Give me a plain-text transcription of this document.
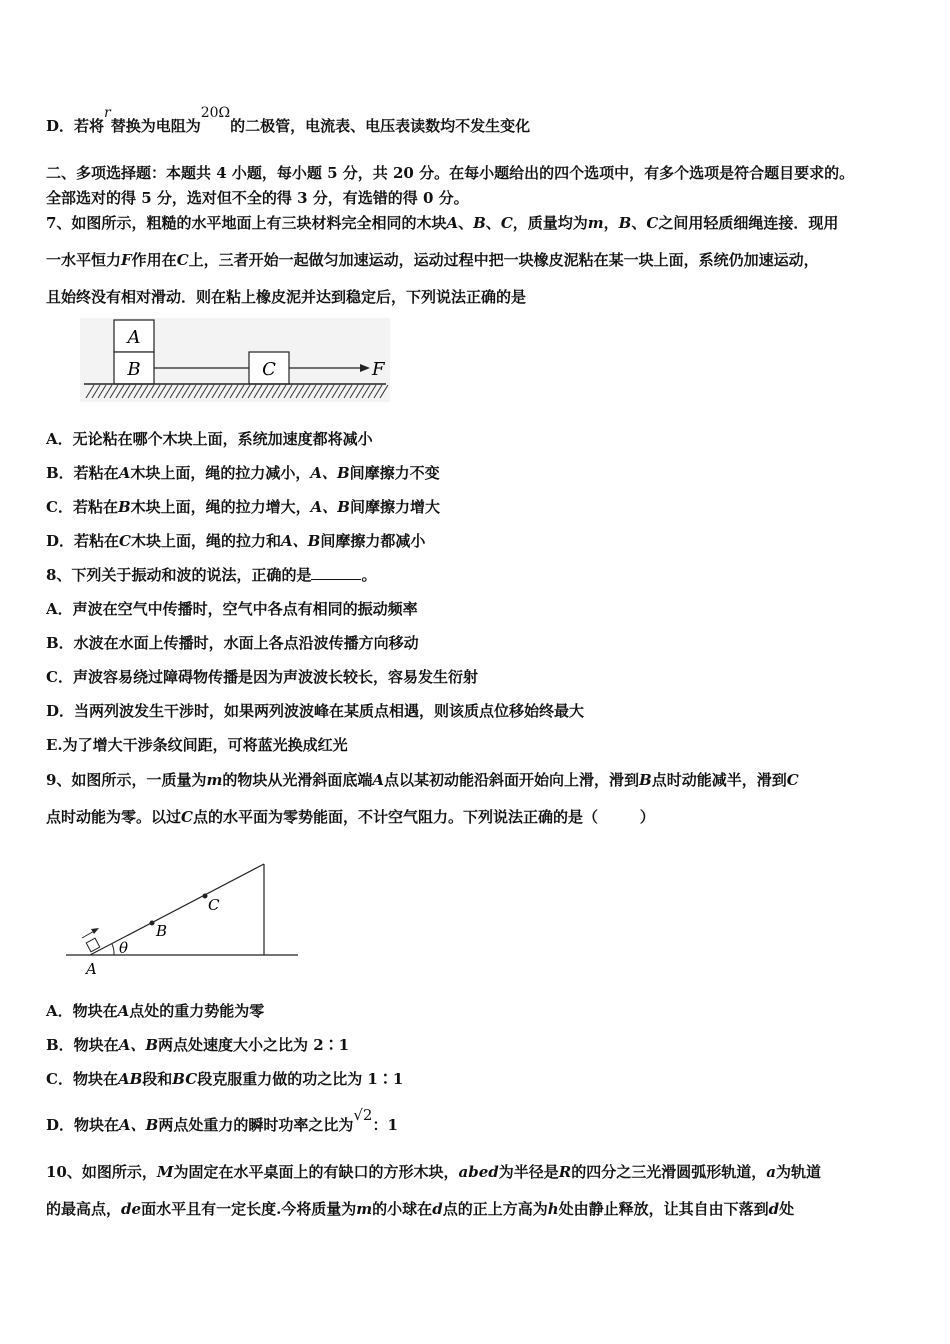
D．若将r替换为电阻为20Ω的二极管，电流表、电压表读数均不发生变化
二、多项选择题：本题共 4 小题，每小题 5 分，共 20 分。在每小题给出的四个选项中，有多个选项是符合题目要求的。
全部选对的得 5 分，选对但不全的得 3 分，有选错的得 0 分。
7、如图所示，粗糙的水平地面上有三块材料完全相同的木块A、B、C，质量均为m，B、C之间用轻质细绳连接．现用
一水平恒力F作用在C上，三者开始一起做匀加速运动，运动过程中把一块橡皮泥粘在某一块上面，系统仍加速运动，
且始终没有相对滑动．则在粘上橡皮泥并达到稳定后，下列说法正确的是
A
B	C	F
A．无论粘在哪个木块上面，系统加速度都将减小
B．若粘在A木块上面，绳的拉力减小，A、B间摩擦力不变
C．若粘在B木块上面，绳的拉力增大，A、B间摩擦力增大
D．若粘在C木块上面，绳的拉力和A、B间摩擦力都减小
8、下列关于振动和波的说法，正确的是	。
A．声波在空气中传播时，空气中各点有相同的振动频率
B．水波在水面上传播时，水面上各点沿波传播方向移动
C．声波容易绕过障碍物传播是因为声波波长较长，容易发生衍射
D．当两列波发生干涉时，如果两列波波峰在某质点相遇，则该质点位移始终最大
E.为了增大干涉条纹间距，可将蓝光换成红光
9、如图所示，一质量为m的物块从光滑斜面底端A点以某初动能沿斜面开始向上滑，滑到B点时动能减半，滑到C
点时动能为零。以过C点的水平面为零势能面，不计空气阻力。下列说法正确的是（        ）
θ
B
C
A
A．物块在A点处的重力势能为零
B．物块在A、B两点处速度大小之比为 2∶1
C．物块在AB段和BC段克服重力做的功之比为 1∶1
D．物块在A、B两点处重力的瞬时功率之比为√2：1
10、如图所示，M为固定在水平桌面上的有缺口的方形木块，abed为半径是R的四分之三光滑圆弧形轨道，a为轨道
的最高点，de面水平且有一定长度.今将质量为m的小球在d点的正上方高为h处由静止释放，让其自由下落到d处
